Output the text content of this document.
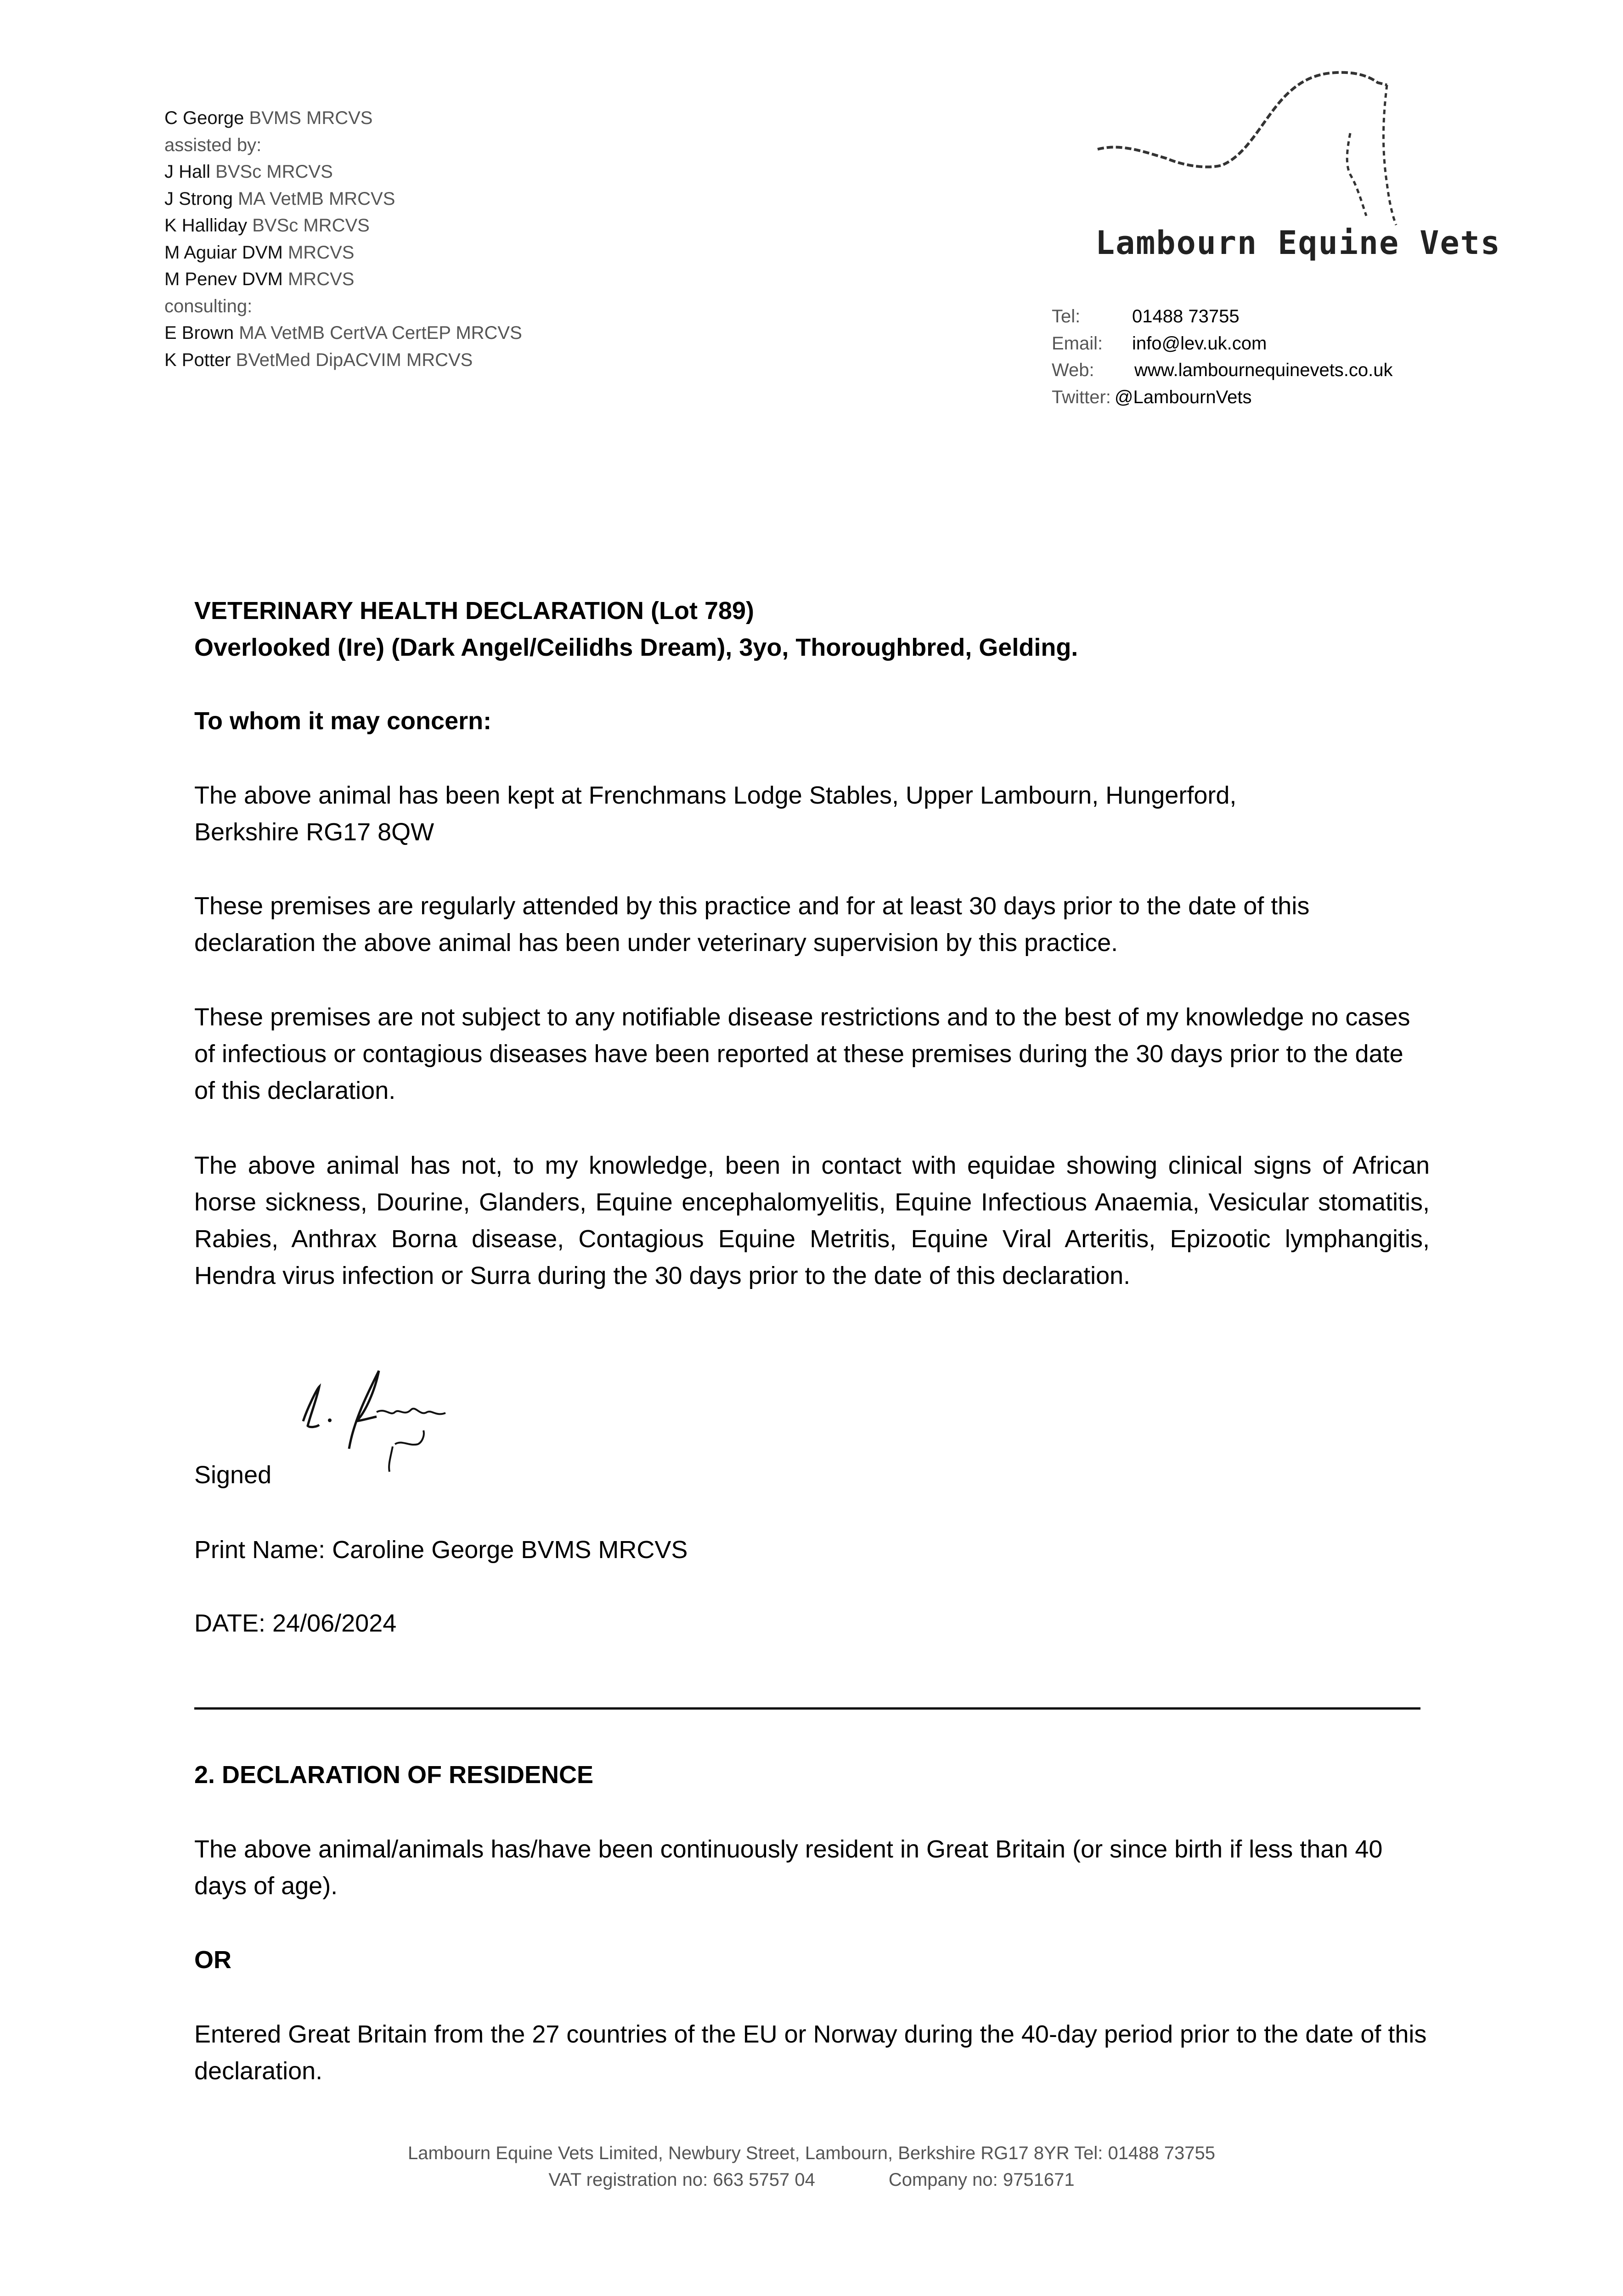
C George BVMS MRCVS
assisted by:
J Hall BVSc MRCVS
J Strong MA VetMB MRCVS
K Halliday BVSc MRCVS
M Aguiar DVM MRCVS
M Penev DVM MRCVS
consulting:
E Brown MA VetMB CertVA CertEP MRCVS
K Potter BVetMed DipACVIM MRCVS
Lambourn Equine Vets
Tel:	01488 73755
Email: info@lev.uk.com
Web: www.lambournequinevets.co.uk
Twitter: @LambournVets
VETERINARY HEALTH DECLARATION (Lot 789)
Overlooked (Ire) (Dark Angel/Ceilidhs Dream), 3yo, Thoroughbred, Gelding.
To whom it may concern:
The above animal has been kept at Frenchmans Lodge Stables, Upper Lambourn, Hungerford, Berkshire RG17 8QW
These premises are regularly attended by this practice and for at least 30 days prior to the date of this declaration the above animal has been under veterinary supervision by this practice.
These premises are not subject to any notifiable disease restrictions and to the best of my knowledge no cases of infectious or contagious diseases have been reported at these premises during the 30 days prior to the date of this declaration.
The above animal has not, to my knowledge, been in contact with equidae showing clinical signs of African horse sickness, Dourine, Glanders, Equine encephalomyelitis, Equine Infectious Anaemia, Vesicular stomatitis, Rabies, Anthrax Borna disease, Contagious Equine Metritis, Equine Viral Arteritis, Epizootic lymphangitis, Hendra virus infection or Surra during the 30 days prior to the date of this declaration.
Signed
Print Name: Caroline George BVMS MRCVS
DATE: 24/06/2024
2. DECLARATION OF RESIDENCE
The above animal/animals has/have been continuously resident in Great Britain (or since birth if less than 40 days of age).
OR
Entered Great Britain from the 27 countries of the EU or Norway during the 40-day period prior to the date of this declaration.
Lambourn Equine Vets Limited, Newbury Street, Lambourn, Berkshire RG17 8YR Tel: 01488 73755
VAT registration no: 663 5757 04	Company no: 9751671
